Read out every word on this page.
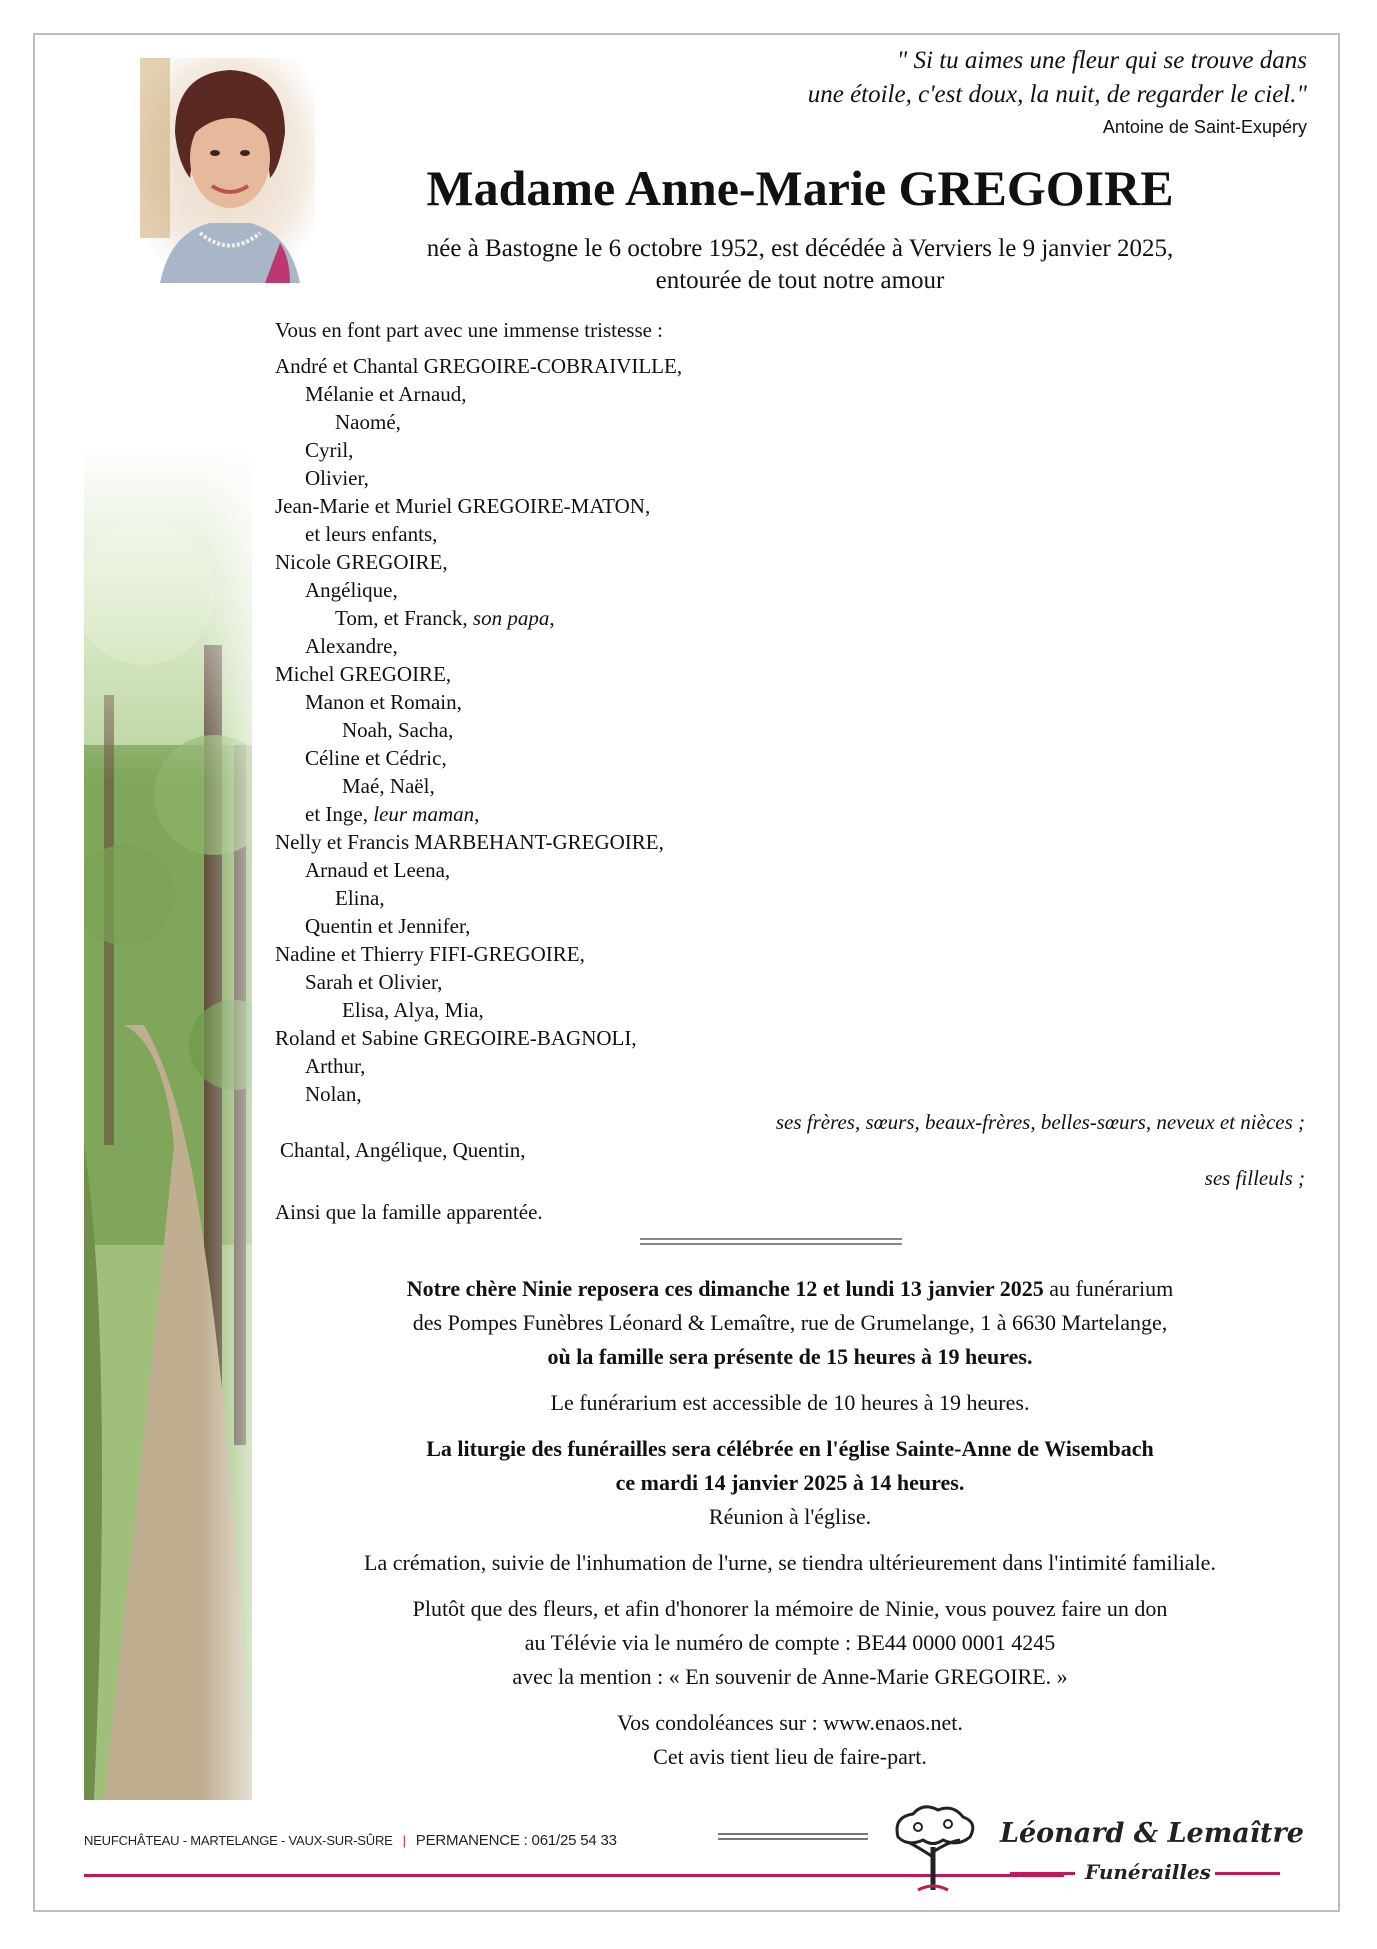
" Si tu aimes une fleur qui se trouve dans
une étoile, c'est doux, la nuit, de regarder le ciel."
Antoine de Saint-Exupéry
Madame Anne-Marie GREGOIRE
née à Bastogne le 6 octobre 1952, est décédée à Verviers le 9 janvier 2025,
entourée de tout notre amour
Vous en font part avec une immense tristesse :
André et Chantal GREGOIRE-COBRAIVILLE,
Mélanie et Arnaud,
Naomé,
Cyril,
Olivier,
Jean-Marie et Muriel GREGOIRE-MATON,
et leurs enfants,
Nicole GREGOIRE,
Angélique,
Tom, et Franck, son papa,
Alexandre,
Michel GREGOIRE,
Manon et Romain,
Noah, Sacha,
Céline et Cédric,
Maé, Naël,
et Inge, leur maman,
Nelly et Francis MARBEHANT-GREGOIRE,
Arnaud et Leena,
Elina,
Quentin et Jennifer,
Nadine et Thierry FIFI-GREGOIRE,
Sarah et Olivier,
Elisa, Alya, Mia,
Roland et Sabine GREGOIRE-BAGNOLI,
Arthur,
Nolan,
ses frères, sœurs, beaux-frères, belles-sœurs, neveux et nièces ;
Chantal, Angélique, Quentin,
ses filleuls ;
Ainsi que la famille apparentée.

Notre chère Ninie reposera ces dimanche 12 et lundi 13 janvier 2025 au funérarium
des Pompes Funèbres Léonard & Lemaître, rue de Grumelange, 1 à 6630 Martelange,
où la famille sera présente de 15 heures à 19 heures.

Le funérarium est accessible de 10 heures à 19 heures.

La liturgie des funérailles sera célébrée en l'église Sainte-Anne de Wisembach
ce mardi 14 janvier 2025 à 14 heures.
Réunion à l'église.

La crémation, suivie de l'inhumation de l'urne, se tiendra ultérieurement dans l'intimité familiale.

Plutôt que des fleurs, et afin d'honorer la mémoire de Ninie, vous pouvez faire un don
au Télévie via le numéro de compte : BE44 0000 0001 4245
avec la mention : « En souvenir de Anne-Marie GREGOIRE. »

Vos condoléances sur : www.enaos.net.
Cet avis tient lieu de faire-part.

NEUFCHÂTEAU - MARTELANGE - VAUX-SUR-SÛRE | PERMANENCE : 061/25 54 33	Léonard & Lemaître
Funérailles
